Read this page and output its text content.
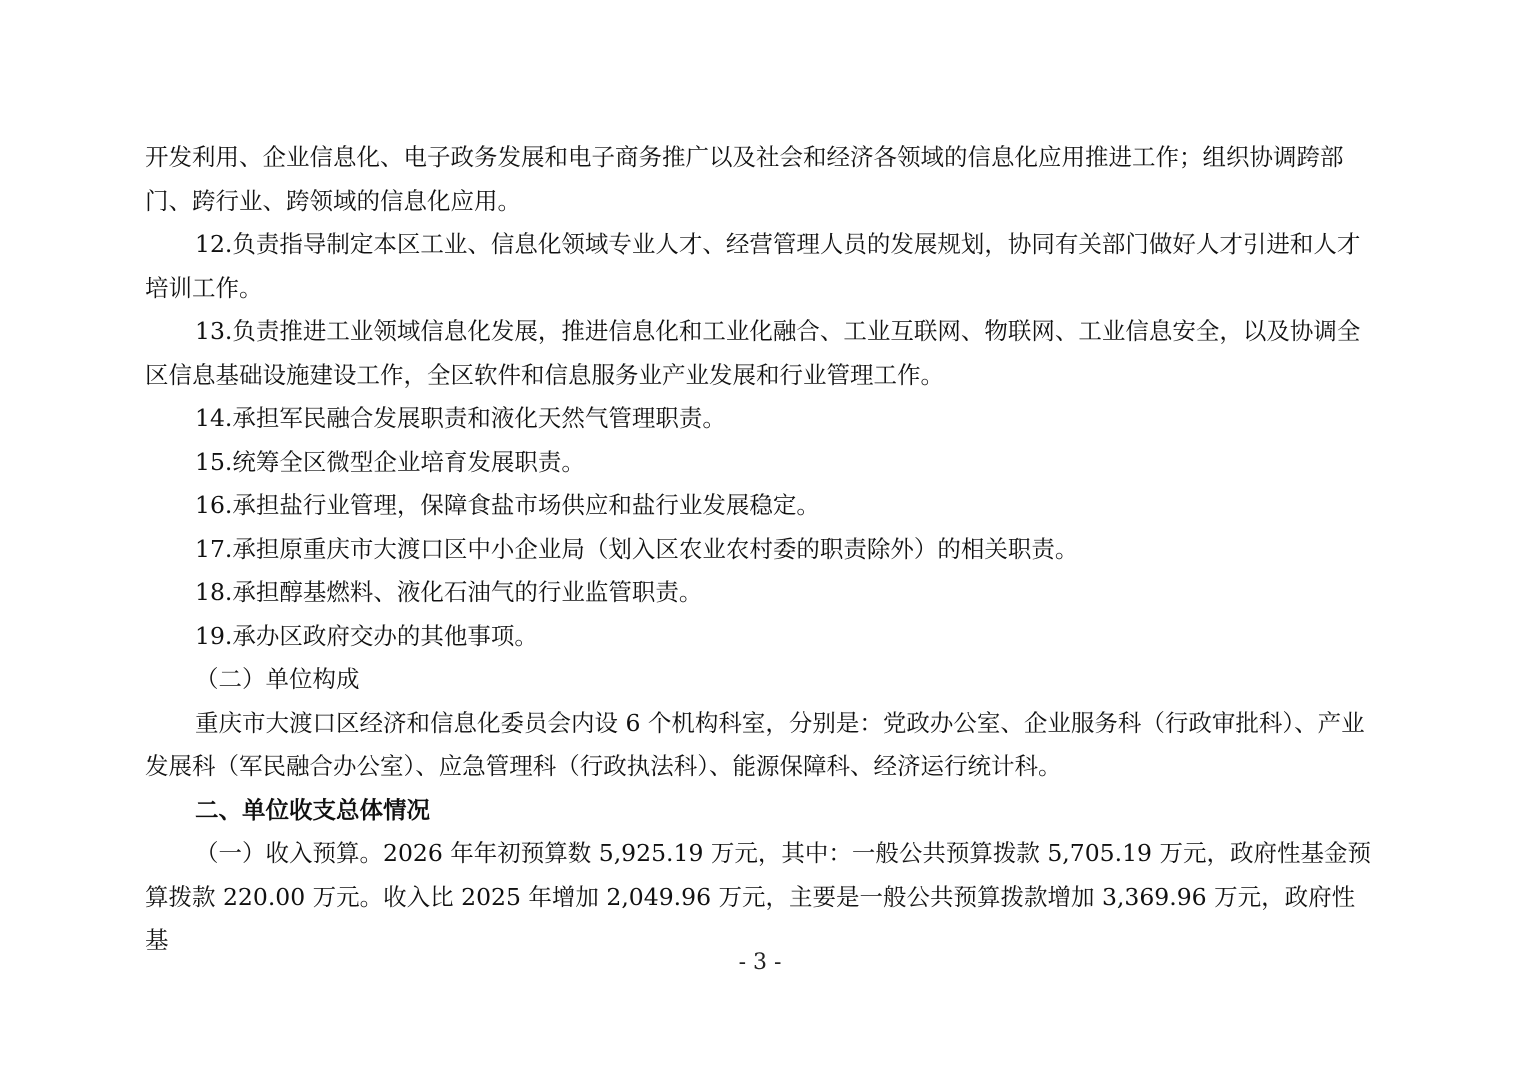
开发利用、企业信息化、电子政务发展和电子商务推广以及社会和经济各领域的信息化应用推进工作；组织协调跨部门、跨行业、跨领域的信息化应用。

12.负责指导制定本区工业、信息化领域专业人才、经营管理人员的发展规划，协同有关部门做好人才引进和人才培训工作。

13.负责推进工业领域信息化发展，推进信息化和工业化融合、工业互联网、物联网、工业信息安全，以及协调全区信息基础设施建设工作，全区软件和信息服务业产业发展和行业管理工作。

14.承担军民融合发展职责和液化天然气管理职责。

15.统筹全区微型企业培育发展职责。

16.承担盐行业管理，保障食盐市场供应和盐行业发展稳定。

17.承担原重庆市大渡口区中小企业局（划入区农业农村委的职责除外）的相关职责。

18.承担醇基燃料、液化石油气的行业监管职责。

19.承办区政府交办的其他事项。

（二）单位构成

重庆市大渡口区经济和信息化委员会内设 6 个机构科室，分别是：党政办公室、企业服务科（行政审批科）、产业发展科（军民融合办公室）、应急管理科（行政执法科）、能源保障科、经济运行统计科。

二、单位收支总体情况

（一）收入预算。2026 年年初预算数 5,925.19 万元，其中：一般公共预算拨款 5,705.19 万元，政府性基金预算拨款 220.00 万元。收入比 2025 年增加 2,049.96 万元，主要是一般公共预算拨款增加 3,369.96 万元，政府性基

- 3 -
